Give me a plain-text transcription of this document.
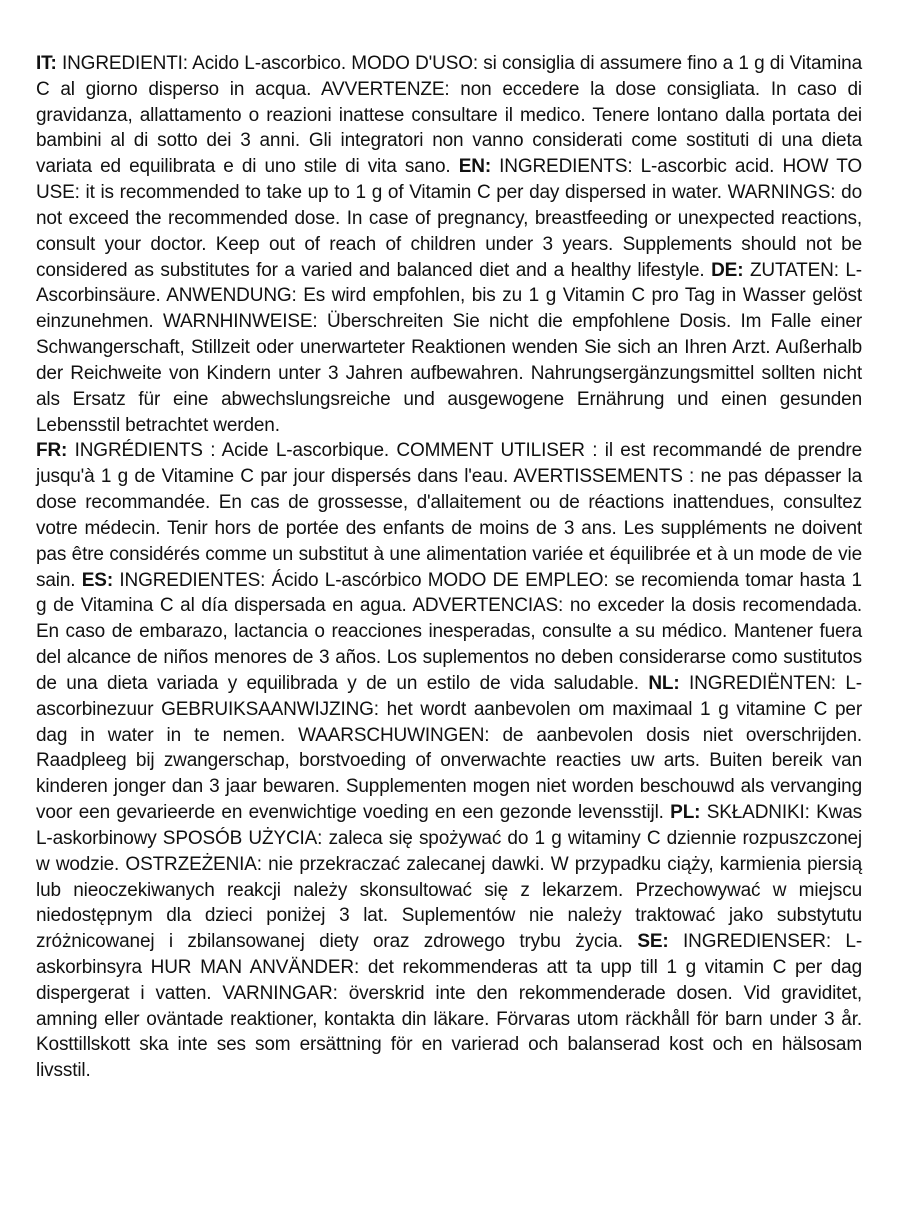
IT: INGREDIENTI: Acido L-ascorbico. MODO D'USO: si consiglia di assumere fino a 1 g di Vitamina C al giorno disperso in acqua. AVVERTENZE: non eccedere la dose consigliata. In caso di gravidanza, allattamento o reazioni inattese consultare il medico. Tenere lontano dalla portata dei bambini al di sotto dei 3 anni. Gli integratori non vanno considerati come sostituti di una dieta variata ed equilibrata e di uno stile di vita sano. EN: INGREDIENTS: L-ascorbic acid. HOW TO USE: it is recommended to take up to 1 g of Vitamin C per day dispersed in water. WARNINGS: do not exceed the recommended dose. In case of pregnancy, breastfeeding or unexpected reactions, consult your doctor. Keep out of reach of children under 3 years. Supplements should not be considered as substitutes for a varied and balanced diet and a healthy lifestyle. DE: ZUTATEN: L-Ascorbinsäure. ANWENDUNG: Es wird empfohlen, bis zu 1 g Vitamin C pro Tag in Wasser gelöst einzunehmen. WARNHINWEISE: Überschreiten Sie nicht die empfohlene Dosis. Im Falle einer Schwangerschaft, Stillzeit oder unerwarteter Reaktionen wenden Sie sich an Ihren Arzt. Außerhalb der Reichweite von Kindern unter 3 Jahren aufbewahren. Nahrungsergänzungsmittel sollten nicht als Ersatz für eine abwechslungsreiche und ausgewogene Ernährung und einen gesunden Lebensstil betrachtet werden.

FR: INGRÉDIENTS : Acide L-ascorbique. COMMENT UTILISER : il est recommandé de prendre jusqu'à 1 g de Vitamine C par jour dispersés dans l'eau. AVERTISSEMENTS : ne pas dépasser la dose recommandée. En cas de grossesse, d'allaitement ou de réactions inattendues, consultez votre médecin. Tenir hors de portée des enfants de moins de 3 ans. Les suppléments ne doivent pas être considérés comme un substitut à une alimentation variée et équilibrée et à un mode de vie sain. ES: INGREDIENTES: Ácido L-ascórbico MODO DE EMPLEO: se recomienda tomar hasta 1 g de Vitamina C al día dispersada en agua. ADVERTENCIAS: no exceder la dosis recomendada. En caso de embarazo, lactancia o reacciones inesperadas, consulte a su médico. Mantener fuera del alcance de niños menores de 3 años. Los suplementos no deben considerarse como sustitutos de una dieta variada y equilibrada y de un estilo de vida saludable. NL: INGREDIËNTEN: L-ascorbinezuur GEBRUIKSAANWIJZING: het wordt aanbevolen om maximaal 1 g vitamine C per dag in water in te nemen. WAARSCHUWINGEN: de aanbevolen dosis niet overschrijden. Raadpleeg bij zwangerschap, borstvoeding of onverwachte reacties uw arts. Buiten bereik van kinderen jonger dan 3 jaar bewaren. Supplementen mogen niet worden beschouwd als vervanging voor een gevarieerde en evenwichtige voeding en een gezonde levensstijl. PL: SKŁADNIKI: Kwas L-askorbinowy SPOSÓB UŻYCIA: zaleca się spożywać do 1 g witaminy C dziennie rozpuszczonej w wodzie. OSTRZEŻENIA: nie przekraczać zalecanej dawki. W przypadku ciąży, karmienia piersią lub nieoczekiwanych reakcji należy skonsultować się z lekarzem. Przechowywać w miejscu niedostępnym dla dzieci poniżej 3 lat. Suplementów nie należy traktować jako substytutu zróżnicowanej i zbilansowanej diety oraz zdrowego trybu życia. SE: INGREDIENSER: L-askorbinsyra HUR MAN ANVÄNDER: det rekommenderas att ta upp till 1 g vitamin C per dag dispergerat i vatten. VARNINGAR: överskrid inte den rekommenderade dosen. Vid graviditet, amning eller oväntade reaktioner, kontakta din läkare. Förvaras utom räckhåll för barn under 3 år. Kosttillskott ska inte ses som ersättning för en varierad och balanserad kost och en hälsosam livsstil.
